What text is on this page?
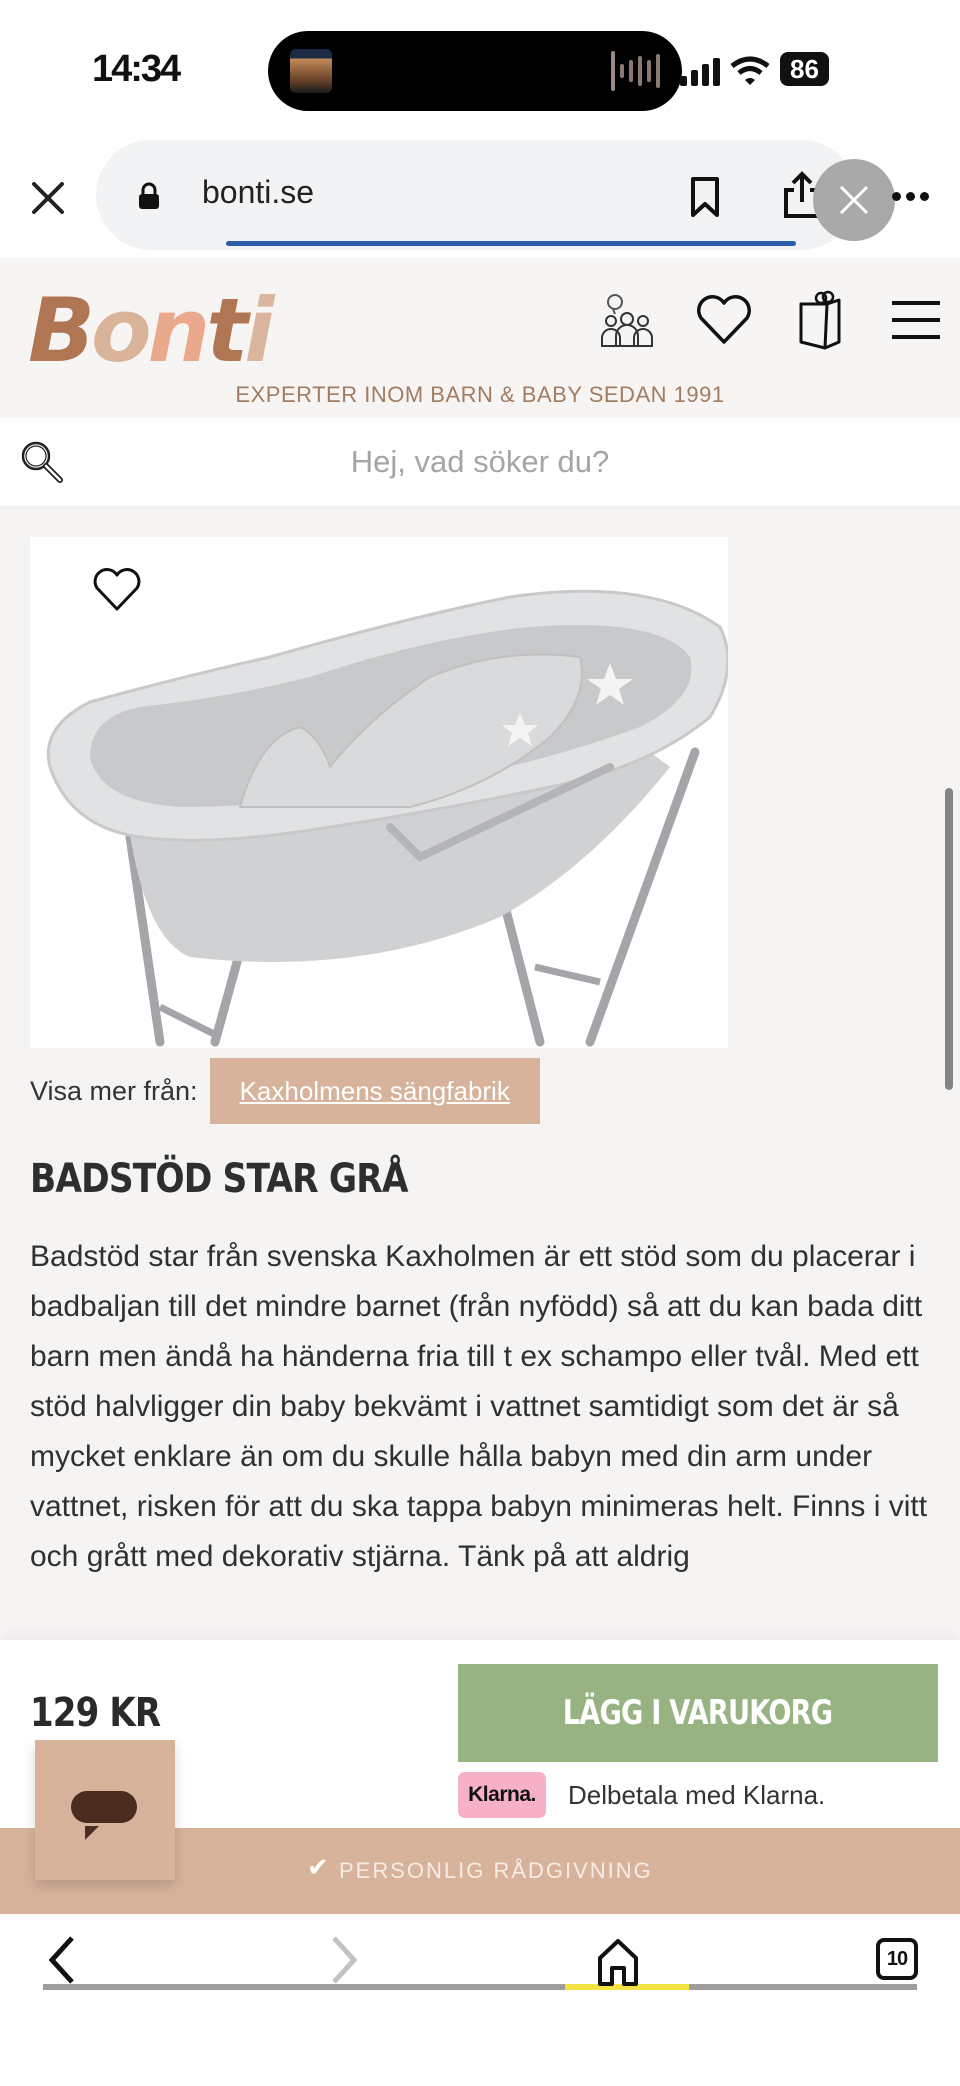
14:34	86
bonti.se
B o n t i
EXPERTER INOM BARN & BABY SEDAN 1991
Hej, vad söker du?
Visa mer från:	Kaxholmens sängfabrik
BADSTÖD STAR GRÅ

Badstöd star från svenska Kaxholmen är ett stöd som du placerar i badbaljan till det mindre barnet (från nyfödd) så att du kan bada ditt barn men ändå ha händerna fria till t ex schampo eller tvål. Med ett stöd halvligger din baby bekvämt i vattnet samtidigt som det är så mycket enklare än om du skulle hålla babyn med din arm under vattnet, risken för att du ska tappa babyn minimeras helt. Finns i vitt och grått med dekorativ stjärna. Tänk på att aldrig

129 KR	LÄGG I VARUKORG
Klarna.	Delbetala med Klarna.
✔ PERSONLIG RÅDGIVNING
10
